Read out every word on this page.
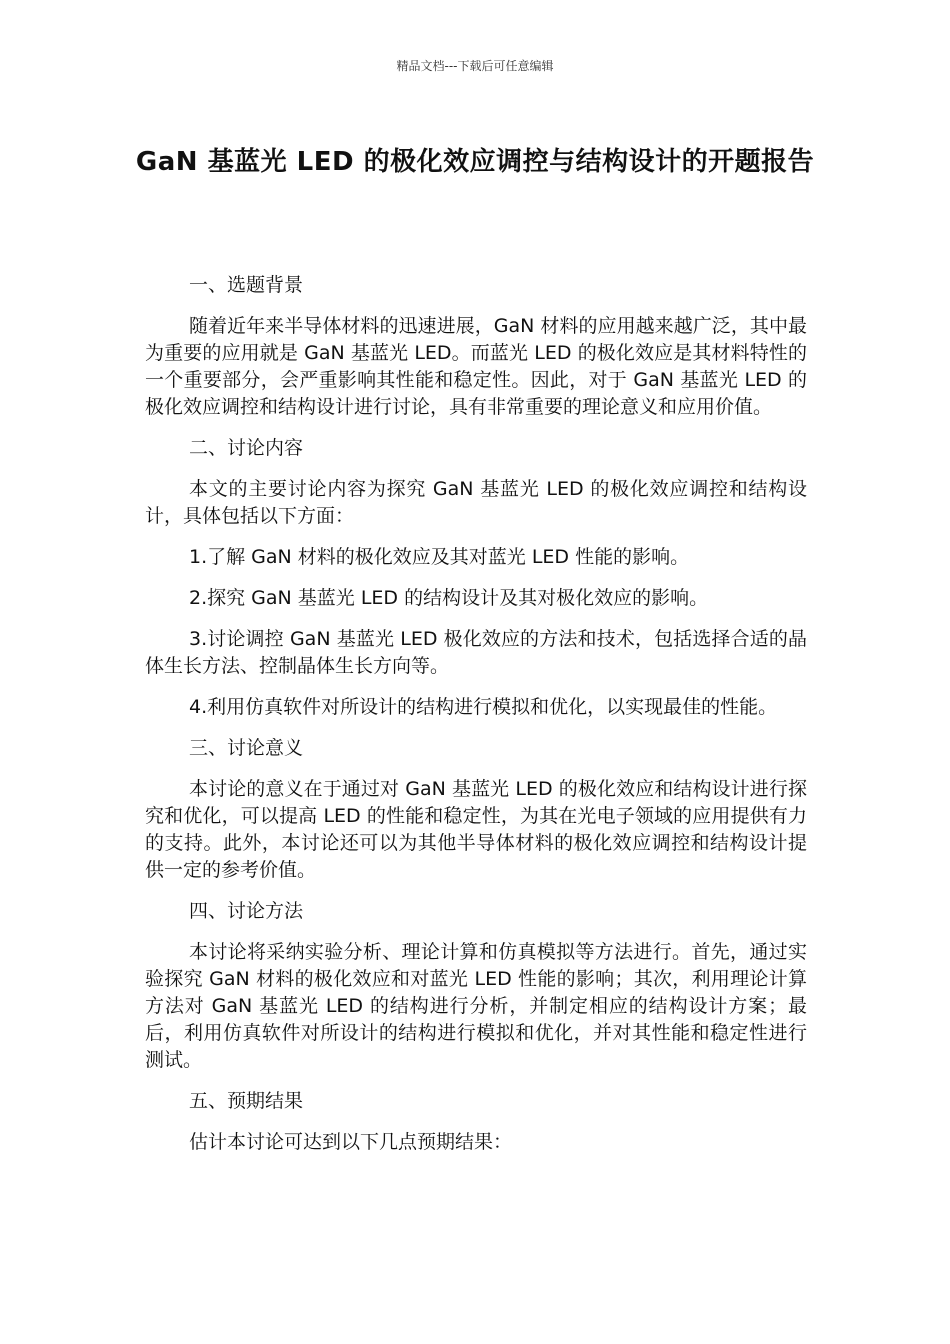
精品文档---下载后可任意编辑
GaN 基蓝光 LED 的极化效应调控与结构设计的开题报告

一、选题背景

随着近年来半导体材料的迅速进展，GaN 材料的应用越来越广泛，其中最为重要的应用就是 GaN 基蓝光 LED。而蓝光 LED 的极化效应是其材料特性的一个重要部分，会严重影响其性能和稳定性。因此，对于 GaN 基蓝光 LED 的极化效应调控和结构设计进行讨论，具有非常重要的理论意义和应用价值。

二、讨论内容

本文的主要讨论内容为探究 GaN 基蓝光 LED 的极化效应调控和结构设计，具体包括以下方面：

1.了解 GaN 材料的极化效应及其对蓝光 LED 性能的影响。

2.探究 GaN 基蓝光 LED 的结构设计及其对极化效应的影响。

3.讨论调控 GaN 基蓝光 LED 极化效应的方法和技术，包括选择合适的晶体生长方法、控制晶体生长方向等。

4.利用仿真软件对所设计的结构进行模拟和优化，以实现最佳的性能。

三、讨论意义

本讨论的意义在于通过对 GaN 基蓝光 LED 的极化效应和结构设计进行探究和优化，可以提高 LED 的性能和稳定性，为其在光电子领域的应用提供有力的支持。此外，本讨论还可以为其他半导体材料的极化效应调控和结构设计提供一定的参考价值。

四、讨论方法

本讨论将采纳实验分析、理论计算和仿真模拟等方法进行。首先，通过实验探究 GaN 材料的极化效应和对蓝光 LED 性能的影响；其次，利用理论计算方法对 GaN 基蓝光 LED 的结构进行分析，并制定相应的结构设计方案；最后，利用仿真软件对所设计的结构进行模拟和优化，并对其性能和稳定性进行测试。

五、预期结果

估计本讨论可达到以下几点预期结果：
